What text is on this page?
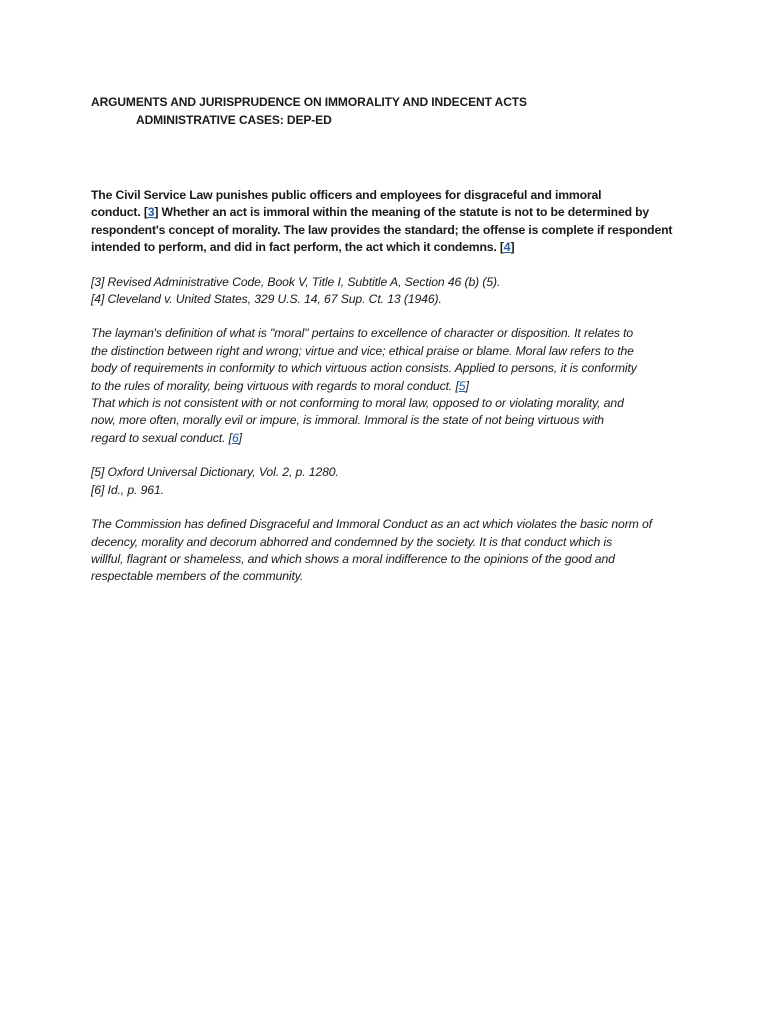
ARGUMENTS AND JURISPRUDENCE ON IMMORALITY AND INDECENT ACTS

ADMINISTRATIVE CASES: DEP-ED

The Civil Service Law punishes public officers and employees for disgraceful and immoral
conduct. [3] Whether an act is immoral within the meaning of the statute is not to be determined by
respondent's concept of morality. The law provides the standard; the offense is complete if respondent
intended to perform, and did in fact perform, the act which it condemns. [4]

[3] Revised Administrative Code, Book V, Title I, Subtitle A, Section 46 (b) (5).
[4] Cleveland v. United States, 329 U.S. 14, 67 Sup. Ct. 13 (1946).

The layman's definition of what is "moral" pertains to excellence of character or disposition. It relates to
the distinction between right and wrong; virtue and vice; ethical praise or blame. Moral law refers to the
body of requirements in conformity to which virtuous action consists. Applied to persons, it is conformity
to the rules of morality, being virtuous with regards to moral conduct. [5]
That which is not consistent with or not conforming to moral law, opposed to or violating morality, and
now, more often, morally evil or impure, is immoral. Immoral is the state of not being virtuous with
regard to sexual conduct. [6]

[5] Oxford Universal Dictionary, Vol. 2, p. 1280.
[6] Id., p. 961.

The Commission has defined Disgraceful and Immoral Conduct as an act which violates the basic norm of
decency, morality and decorum abhorred and condemned by the society. It is that conduct which is
willful, flagrant or shameless, and which shows a moral indifference to the opinions of the good and
respectable members of the community.
